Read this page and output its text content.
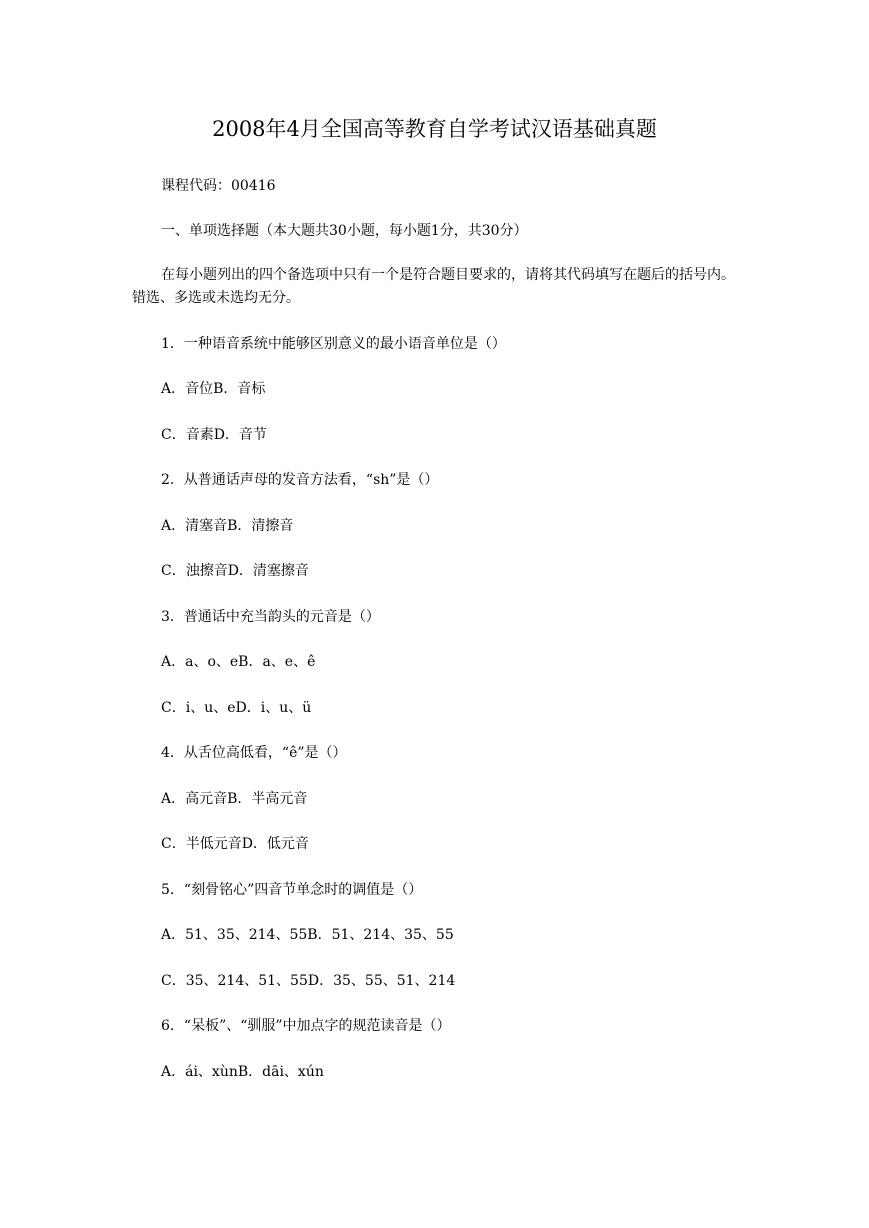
2008年4月全国高等教育自学考试汉语基础真题
课程代码：00416
一、单项选择题（本大题共30小题，每小题1分，共30分）
在每小题列出的四个备选项中只有一个是符合题目要求的，请将其代码填写在题后的括号内。错选、多选或未选均无分。
1．一种语音系统中能够区别意义的最小语音单位是（）
A．音位B．音标
C．音素D．音节
2．从普通话声母的发音方法看，“sh”是（）
A．清塞音B．清擦音
C．浊擦音D．清塞擦音
3．普通话中充当韵头的元音是（）
A．a、o、eB．a、e、ê
C．i、u、eD．i、u、ü
4．从舌位高低看，“ê”是（）
A．高元音B．半高元音
C．半低元音D．低元音
5．“刻骨铭心”四音节单念时的调值是（）
A．51、35、214、55B．51、214、35、55
C．35、214、51、55D．35、55、51、214
6．“呆板”、“驯服”中加点字的规范读音是（）
A．ái、xùnB．dāi、xún
